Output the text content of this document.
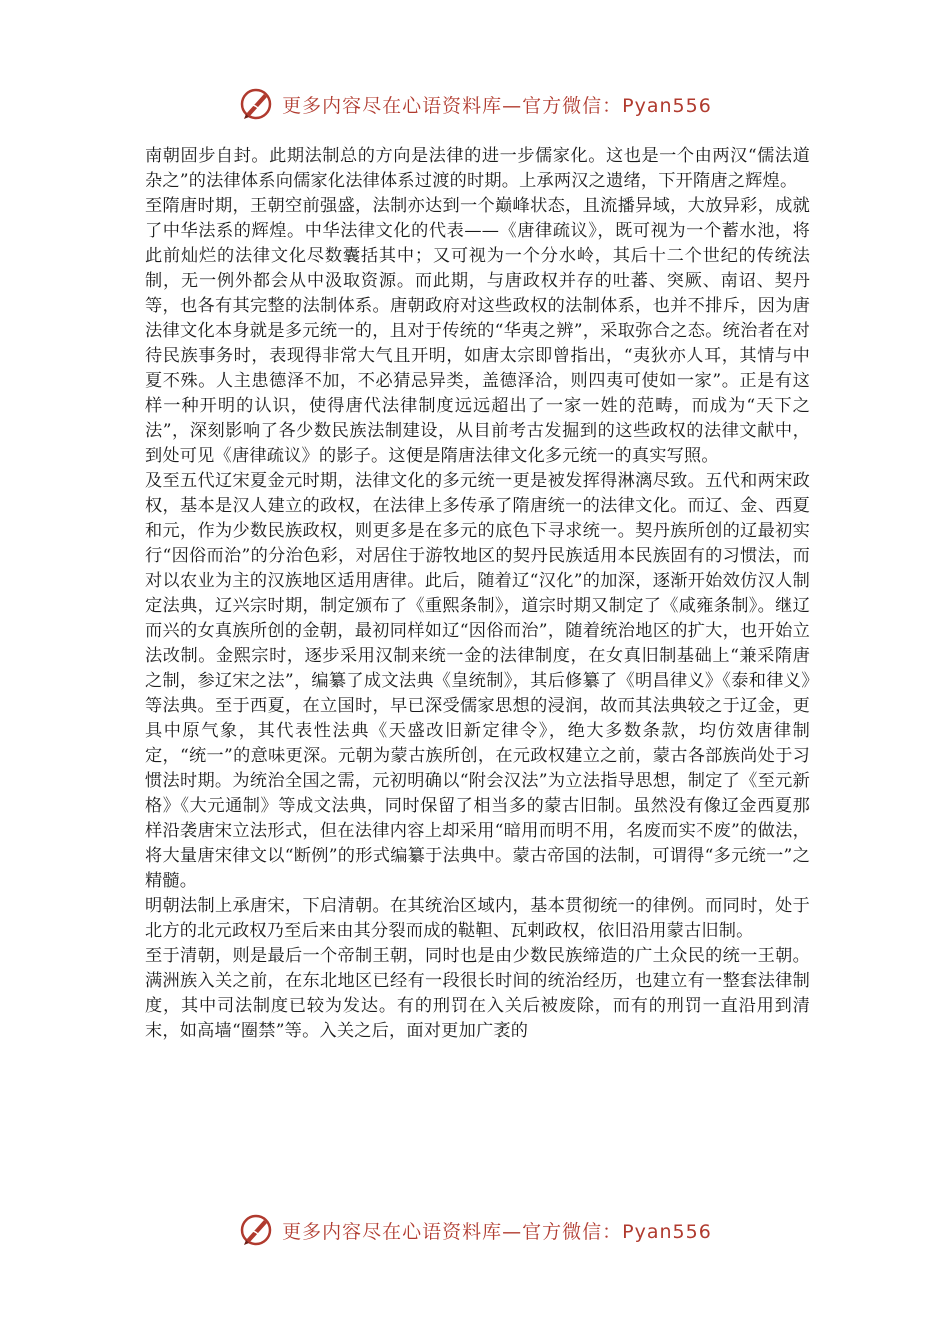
更多内容尽在心语资料库—官方微信：Pyan556

南朝固步自封。此期法制总的方向是法律的进一步儒家化。这也是一个由两汉“儒法道杂之”的法律体系向儒家化法律体系过渡的时期。上承两汉之遗绪，下开隋唐之辉煌。

至隋唐时期，王朝空前强盛，法制亦达到一个巅峰状态，且流播异域，大放异彩，成就了中华法系的辉煌。中华法律文化的代表——《唐律疏议》，既可视为一个蓄水池，将此前灿烂的法律文化尽数囊括其中；又可视为一个分水岭，其后十二个世纪的传统法制，无一例外都会从中汲取资源。而此期，与唐政权并存的吐蕃、突厥、南诏、契丹等，也各有其完整的法制体系。唐朝政府对这些政权的法制体系，也并不排斥，因为唐法律文化本身就是多元统一的，且对于传统的“华夷之辨”，采取弥合之态。统治者在对待民族事务时，表现得非常大气且开明，如唐太宗即曾指出，“夷狄亦人耳，其情与中夏不殊。人主患德泽不加，不必猜忌异类，盖德泽洽，则四夷可使如一家”。正是有这样一种开明的认识，使得唐代法律制度远远超出了一家一姓的范畴，而成为“天下之法”，深刻影响了各少数民族法制建设，从目前考古发掘到的这些政权的法律文献中，到处可见《唐律疏议》的影子。这便是隋唐法律文化多元统一的真实写照。

及至五代辽宋夏金元时期，法律文化的多元统一更是被发挥得淋漓尽致。五代和两宋政权，基本是汉人建立的政权，在法律上多传承了隋唐统一的法律文化。而辽、金、西夏和元，作为少数民族政权，则更多是在多元的底色下寻求统一。契丹族所创的辽最初实行“因俗而治”的分治色彩，对居住于游牧地区的契丹民族适用本民族固有的习惯法，而对以农业为主的汉族地区适用唐律。此后，随着辽“汉化”的加深，逐渐开始效仿汉人制定法典，辽兴宗时期，制定颁布了《重熙条制》，道宗时期又制定了《咸雍条制》。继辽而兴的女真族所创的金朝，最初同样如辽“因俗而治”，随着统治地区的扩大，也开始立法改制。金熙宗时，逐步采用汉制来统一金的法律制度，在女真旧制基础上“兼采隋唐之制，参辽宋之法”，编纂了成文法典《皇统制》，其后修纂了《明昌律义》《泰和律义》等法典。至于西夏，在立国时，早已深受儒家思想的浸润，故而其法典较之于辽金，更具中原气象，其代表性法典《天盛改旧新定律令》，绝大多数条款，均仿效唐律制定，“统一”的意味更深。元朝为蒙古族所创，在元政权建立之前，蒙古各部族尚处于习惯法时期。为统治全国之需，元初明确以“附会汉法”为立法指导思想，制定了《至元新格》《大元通制》等成文法典，同时保留了相当多的蒙古旧制。虽然没有像辽金西夏那样沿袭唐宋立法形式，但在法律内容上却采用“暗用而明不用，名废而实不废”的做法，将大量唐宋律文以“断例”的形式编纂于法典中。蒙古帝国的法制，可谓得“多元统一”之精髓。

明朝法制上承唐宋，下启清朝。在其统治区域内，基本贯彻统一的律例。而同时，处于北方的北元政权乃至后来由其分裂而成的鞑靼、瓦剌政权，依旧沿用蒙古旧制。

至于清朝，则是最后一个帝制王朝，同时也是由少数民族缔造的广土众民的统一王朝。满洲族入关之前，在东北地区已经有一段很长时间的统治经历，也建立有一整套法律制度，其中司法制度已较为发达。有的刑罚在入关后被废除，而有的刑罚一直沿用到清末，如高墙“圈禁”等。入关之后，面对更加广袤的

更多内容尽在心语资料库—官方微信：Pyan556
